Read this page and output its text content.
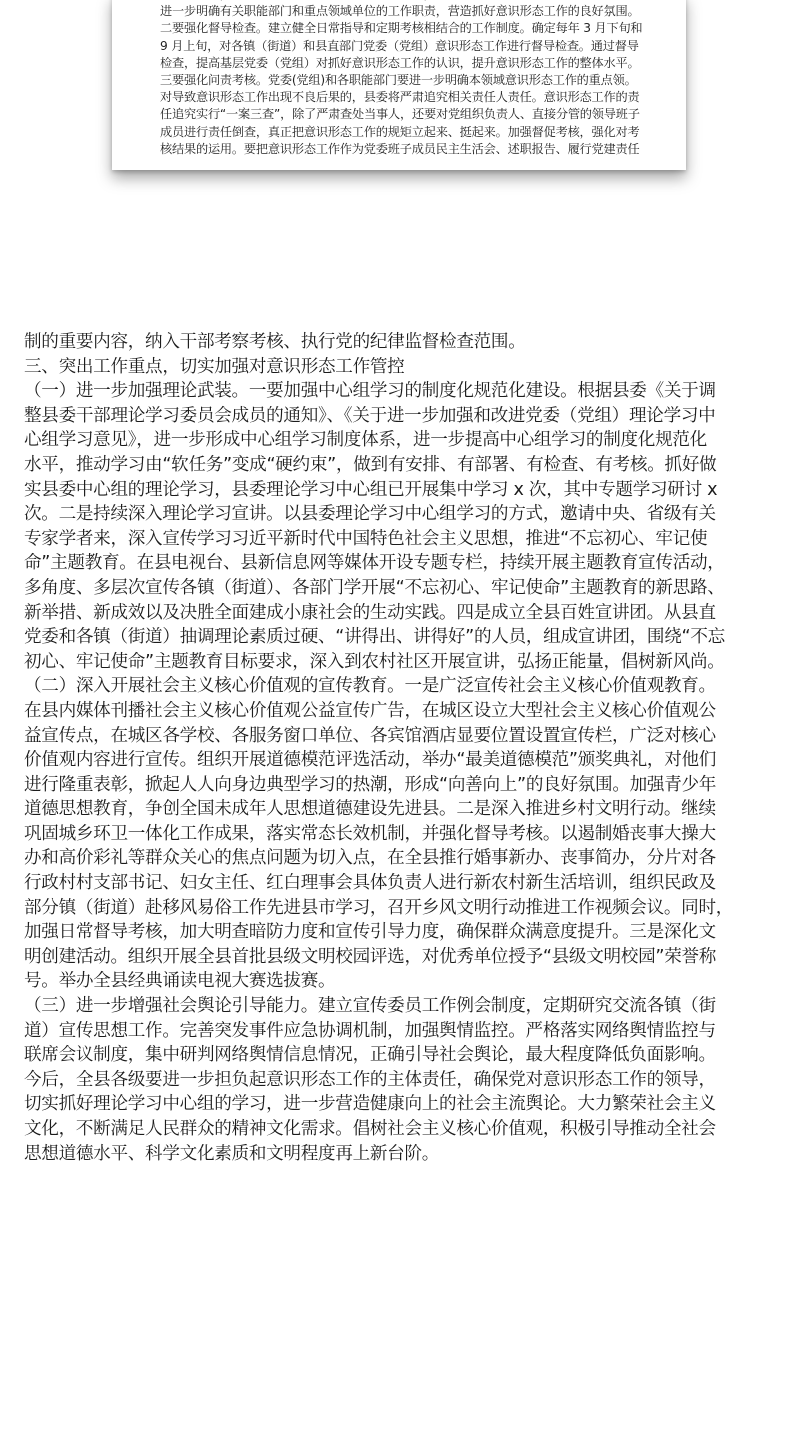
进一步明确有关职能部门和重点领域单位的工作职责，营造抓好意识形态工作的良好氛围。
二要强化督导检查。建立健全日常指导和定期考核相结合的工作制度。确定每年 3 月下旬和
9 月上旬，对各镇（街道）和县直部门党委（党组）意识形态工作进行督导检查。通过督导
检查，提高基层党委（党组）对抓好意识形态工作的认识，提升意识形态工作的整体水平。
三要强化问责考核。党委(党组)和各职能部门要进一步明确本领域意识形态工作的重点领。
对导致意识形态工作出现不良后果的，县委将严肃追究相关责任人责任。意识形态工作的责
任追究实行“一案三查”，除了严肃查处当事人，还要对党组织负责人、直接分管的领导班子
成员进行责任倒查，真正把意识形态工作的规矩立起来、挺起来。加强督促考核，强化对考
核结果的运用。要把意识形态工作作为党委班子成员民主生活会、述职报告、履行党建责任
制的重要内容，纳入干部考察考核、执行党的纪律监督检查范围。
三、突出工作重点，切实加强对意识形态工作管控
（一）进一步加强理论武装。一要加强中心组学习的制度化规范化建设。根据县委《关于调
整县委干部理论学习委员会成员的通知》、《关于进一步加强和改进党委（党组）理论学习中
心组学习意见》，进一步形成中心组学习制度体系，进一步提高中心组学习的制度化规范化
水平，推动学习由“软任务”变成“硬约束”，做到有安排、有部署、有检查、有考核。抓好做
实县委中心组的理论学习，县委理论学习中心组已开展集中学习 x 次，其中专题学习研讨 x
次。二是持续深入理论学习宣讲。以县委理论学习中心组学习的方式，邀请中央、省级有关
专家学者来，深入宣传学习习近平新时代中国特色社会主义思想，推进“不忘初心、牢记使
命”主题教育。在县电视台、县新信息网等媒体开设专题专栏，持续开展主题教育宣传活动，
多角度、多层次宣传各镇（街道）、各部门学开展“不忘初心、牢记使命”主题教育的新思路、
新举措、新成效以及决胜全面建成小康社会的生动实践。四是成立全县百姓宣讲团。从县直
党委和各镇（街道）抽调理论素质过硬、“讲得出、讲得好”的人员，组成宣讲团，围绕“不忘
初心、牢记使命”主题教育目标要求，深入到农村社区开展宣讲，弘扬正能量，倡树新风尚。
（二）深入开展社会主义核心价值观的宣传教育。一是广泛宣传社会主义核心价值观教育。
在县内媒体刊播社会主义核心价值观公益宣传广告，在城区设立大型社会主义核心价值观公
益宣传点，在城区各学校、各服务窗口单位、各宾馆酒店显要位置设置宣传栏，广泛对核心
价值观内容进行宣传。组织开展道德模范评选活动，举办“最美道德模范”颁奖典礼，对他们
进行隆重表彰，掀起人人向身边典型学习的热潮，形成“向善向上”的良好氛围。加强青少年
道德思想教育，争创全国未成年人思想道德建设先进县。二是深入推进乡村文明行动。继续
巩固城乡环卫一体化工作成果，落实常态长效机制，并强化督导考核。以遏制婚丧事大操大
办和高价彩礼等群众关心的焦点问题为切入点，在全县推行婚事新办、丧事简办，分片对各
行政村村支部书记、妇女主任、红白理事会具体负责人进行新农村新生活培训，组织民政及
部分镇（街道）赴移风易俗工作先进县市学习，召开乡风文明行动推进工作视频会议。同时，
加强日常督导考核，加大明查暗防力度和宣传引导力度，确保群众满意度提升。三是深化文
明创建活动。组织开展全县首批县级文明校园评选，对优秀单位授予“县级文明校园”荣誉称
号。举办全县经典诵读电视大赛选拔赛。
（三）进一步增强社会舆论引导能力。建立宣传委员工作例会制度，定期研究交流各镇（街
道）宣传思想工作。完善突发事件应急协调机制，加强舆情监控。严格落实网络舆情监控与
联席会议制度，集中研判网络舆情信息情况，正确引导社会舆论，最大程度降低负面影响。
今后，全县各级要进一步担负起意识形态工作的主体责任，确保党对意识形态工作的领导，
切实抓好理论学习中心组的学习，进一步营造健康向上的社会主流舆论。大力繁荣社会主义
文化，不断满足人民群众的精神文化需求。倡树社会主义核心价值观，积极引导推动全社会
思想道德水平、科学文化素质和文明程度再上新台阶。
